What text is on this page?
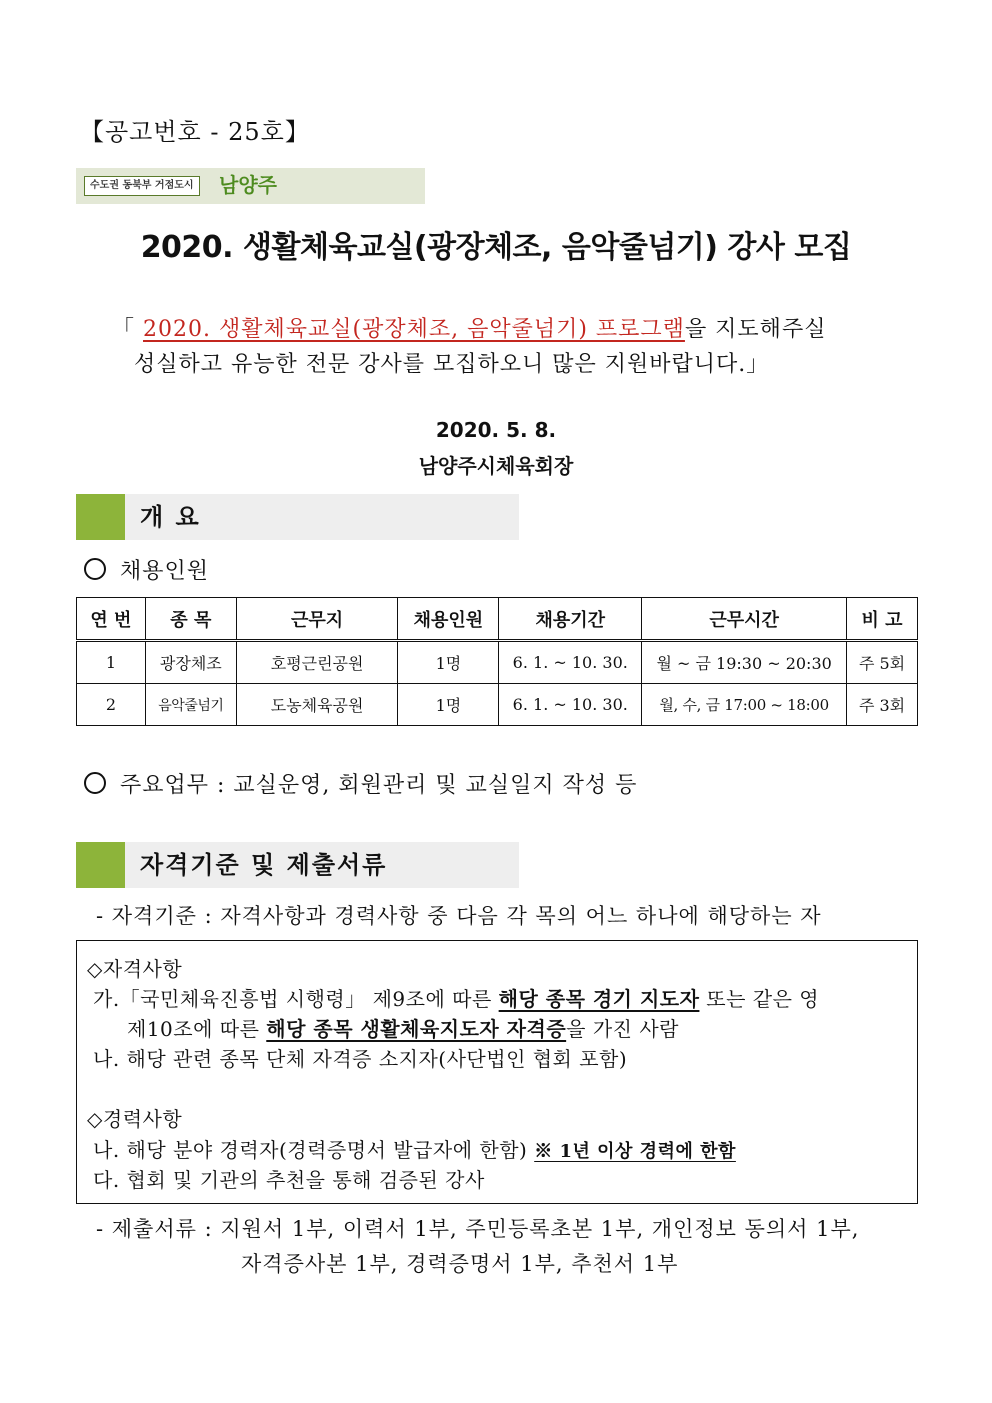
【공고번호 - 25호】
수도권 동북부 거점도시	남양주
2020. 생활체육교실(광장체조, 음악줄넘기) 강사 모집
「 2020. 생활체육교실(광장체조, 음악줄넘기) 프로그램을 지도해주실
성실하고 유능한 전문 강사를 모집하오니 많은 지원바랍니다.」
2020. 5. 8.
남양주시체육회장
개 요
채용인원
연 번	종 목	근무지	채용인원	채용기간	근무시간	비 고
1	광장체조	호평근린공원	1명	6. 1. ~ 10. 30.	월 ~ 금 19:30 ~ 20:30	주 5회
2	음악줄넘기	도농체육공원	1명	6. 1. ~ 10. 30.	월, 수, 금 17:00 ~ 18:00	주 3회
주요업무 : 교실운영, 회원관리 및 교실일지 작성 등
자격기준 및 제출서류
- 자격기준 : 자격사항과 경력사항 중 다음 각 목의 어느 하나에 해당하는 자
◇자격사항
가.「국민체육진흥법 시행령」 제9조에 따른 해당 종목 경기 지도자 또는 같은 영
제10조에 따른 해당 종목 생활체육지도자 자격증을 가진 사람
나. 해당 관련 종목 단체 자격증 소지자(사단법인 협회 포함)
◇경력사항
나. 해당 분야 경력자(경력증명서 발급자에 한함) ※ 1년 이상 경력에 한함
다. 협회 및 기관의 추천을 통해 검증된 강사
- 제출서류 : 지원서 1부, 이력서 1부, 주민등록초본 1부, 개인정보 동의서 1부,
자격증사본 1부, 경력증명서 1부, 추천서 1부
